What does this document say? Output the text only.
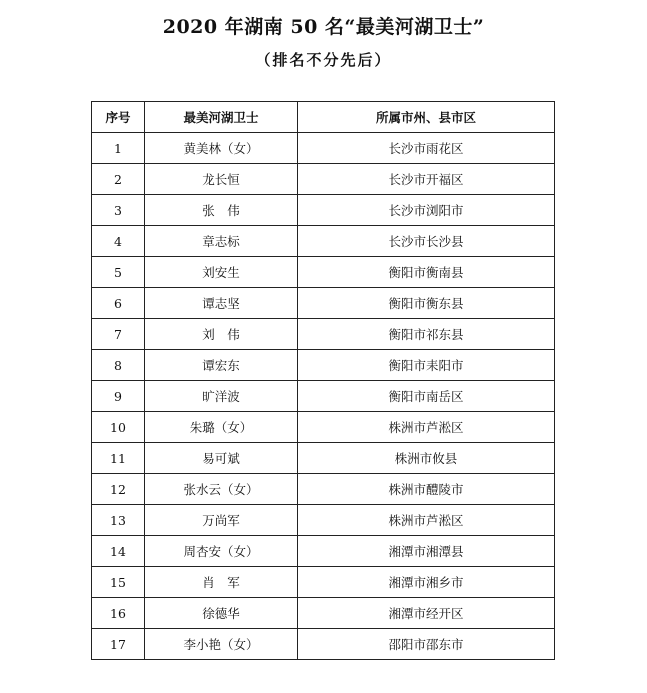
2020 年湖南 50 名“最美河湖卫士”
（排名不分先后）
序号	最美河湖卫士	所属市州、县市区
1	黄美林（女）	长沙市雨花区
2	龙长恒	长沙市开福区
3	张　伟	长沙市浏阳市
4	章志标	长沙市长沙县
5	刘安生	衡阳市衡南县
6	谭志坚	衡阳市衡东县
7	刘　伟	衡阳市祁东县
8	谭宏东	衡阳市耒阳市
9	旷洋波	衡阳市南岳区
10	朱璐（女）	株洲市芦淞区
11	易可斌	株洲市攸县
12	张水云（女）	株洲市醴陵市
13	万尚军	株洲市芦淞区
14	周杏安（女）	湘潭市湘潭县
15	肖　军	湘潭市湘乡市
16	徐德华	湘潭市经开区
17	李小艳（女）	邵阳市邵东市
